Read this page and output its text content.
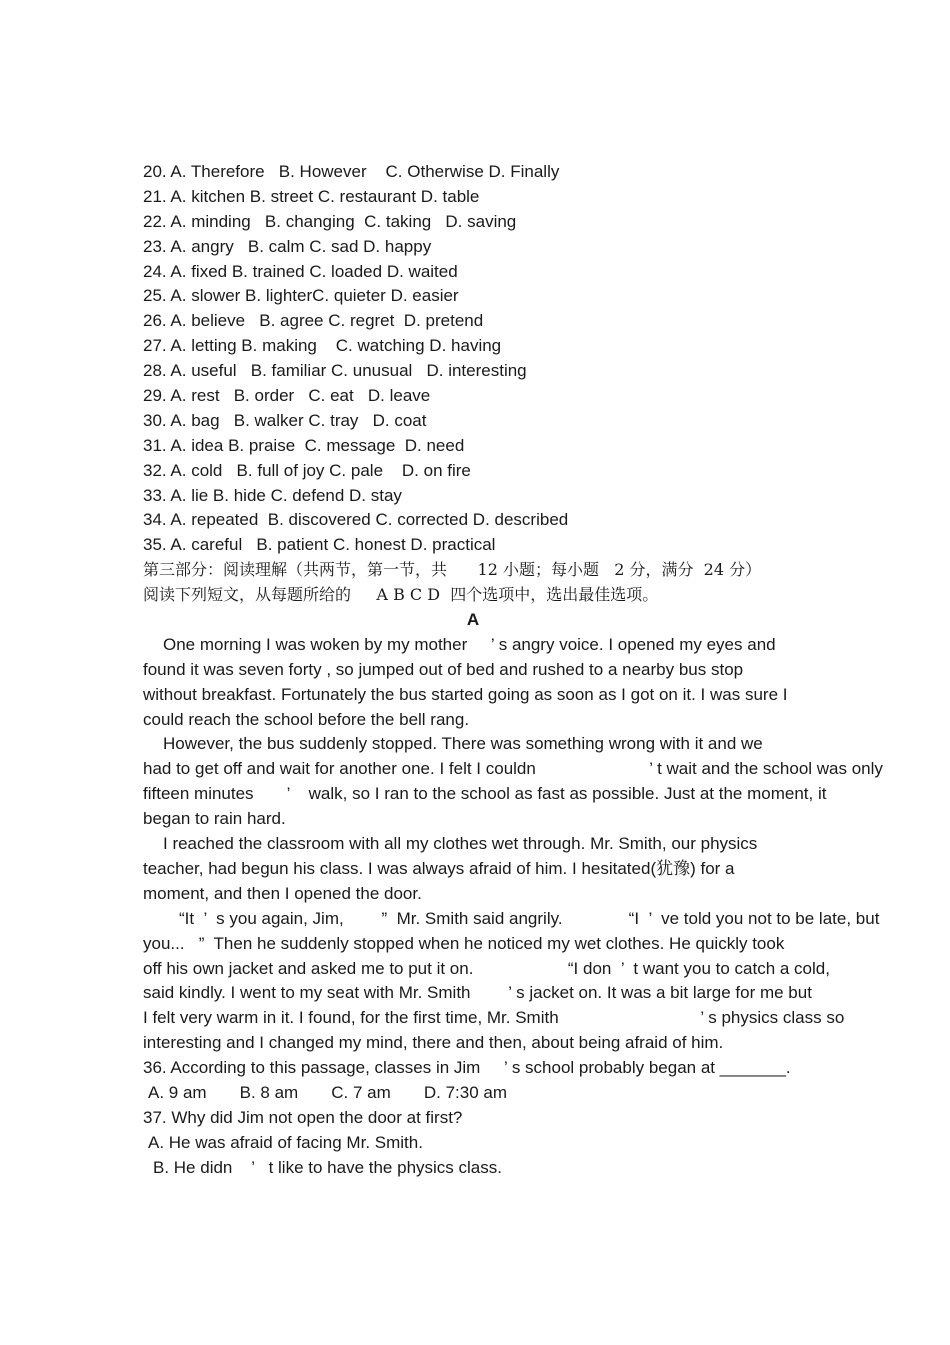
20. A. Therefore   B. However    C. Otherwise D. Finally
21. A. kitchen B. street C. restaurant D. table
22. A. minding   B. changing  C. taking   D. saving
23. A. angry   B. calm C. sad D. happy
24. A. fixed B. trained C. loaded D. waited
25. A. slower B. lighterC. quieter D. easier
26. A. believe   B. agree C. regret  D. pretend
27. A. letting B. making    C. watching D. having
28. A. useful   B. familiar C. unusual   D. interesting
29. A. rest   B. order   C. eat   D. leave
30. A. bag   B. walker C. tray   D. coat
31. A. idea B. praise  C. message  D. need
32. A. cold   B. full of joy C. pale    D. on fire
33. A. lie B. hide C. defend D. stay
34. A. repeated  B. discovered C. corrected D. described
35. A. careful   B. patient C. honest D. practical
第三部分：阅读理解（共两节，第一节，共      12 小题；每小题   2 分，满分  24 分）
阅读下列短文，从每题所给的     A B C D  四个选项中，选出最佳选项。
A
One morning I was woken by my mother     ’ s angry voice. I opened my eyes and
found it was seven forty , so jumped out of bed and rushed to a nearby bus stop
without breakfast. Fortunately the bus started going as soon as I got on it. I was sure I
could reach the school before the bell rang.
However, the bus suddenly stopped. There was something wrong with it and we
had to get off and wait for another one. I felt I couldn                        ’ t wait and the school was only
fifteen minutes       ’    walk, so I ran to the school as fast as possible. Just at the moment, it
began to rain hard.
I reached the classroom with all my clothes wet through. Mr. Smith, our physics
teacher, had begun his class. I was always afraid of him. I hesitated(犹豫) for a
moment, and then I opened the door.
“It  ’  s you again, Jim,        ”  Mr. Smith said angrily.              “I  ’  ve told you not to be late, but
you...   ”  Then he suddenly stopped when he noticed my wet clothes. He quickly took
off his own jacket and asked me to put it on.                    “I don  ’  t want you to catch a cold,
said kindly. I went to my seat with Mr. Smith        ’ s jacket on. It was a bit large for me but
I felt very warm in it. I found, for the first time, Mr. Smith                              ’ s physics class so
interesting and I changed my mind, there and then, about being afraid of him.
36. According to this passage, classes in Jim     ’ s school probably began at _______.
A. 9 am       B. 8 am       C. 7 am       D. 7:30 am
37. Why did Jim not open the door at first?
A. He was afraid of facing Mr. Smith.
B. He didn    ’   t like to have the physics class.
